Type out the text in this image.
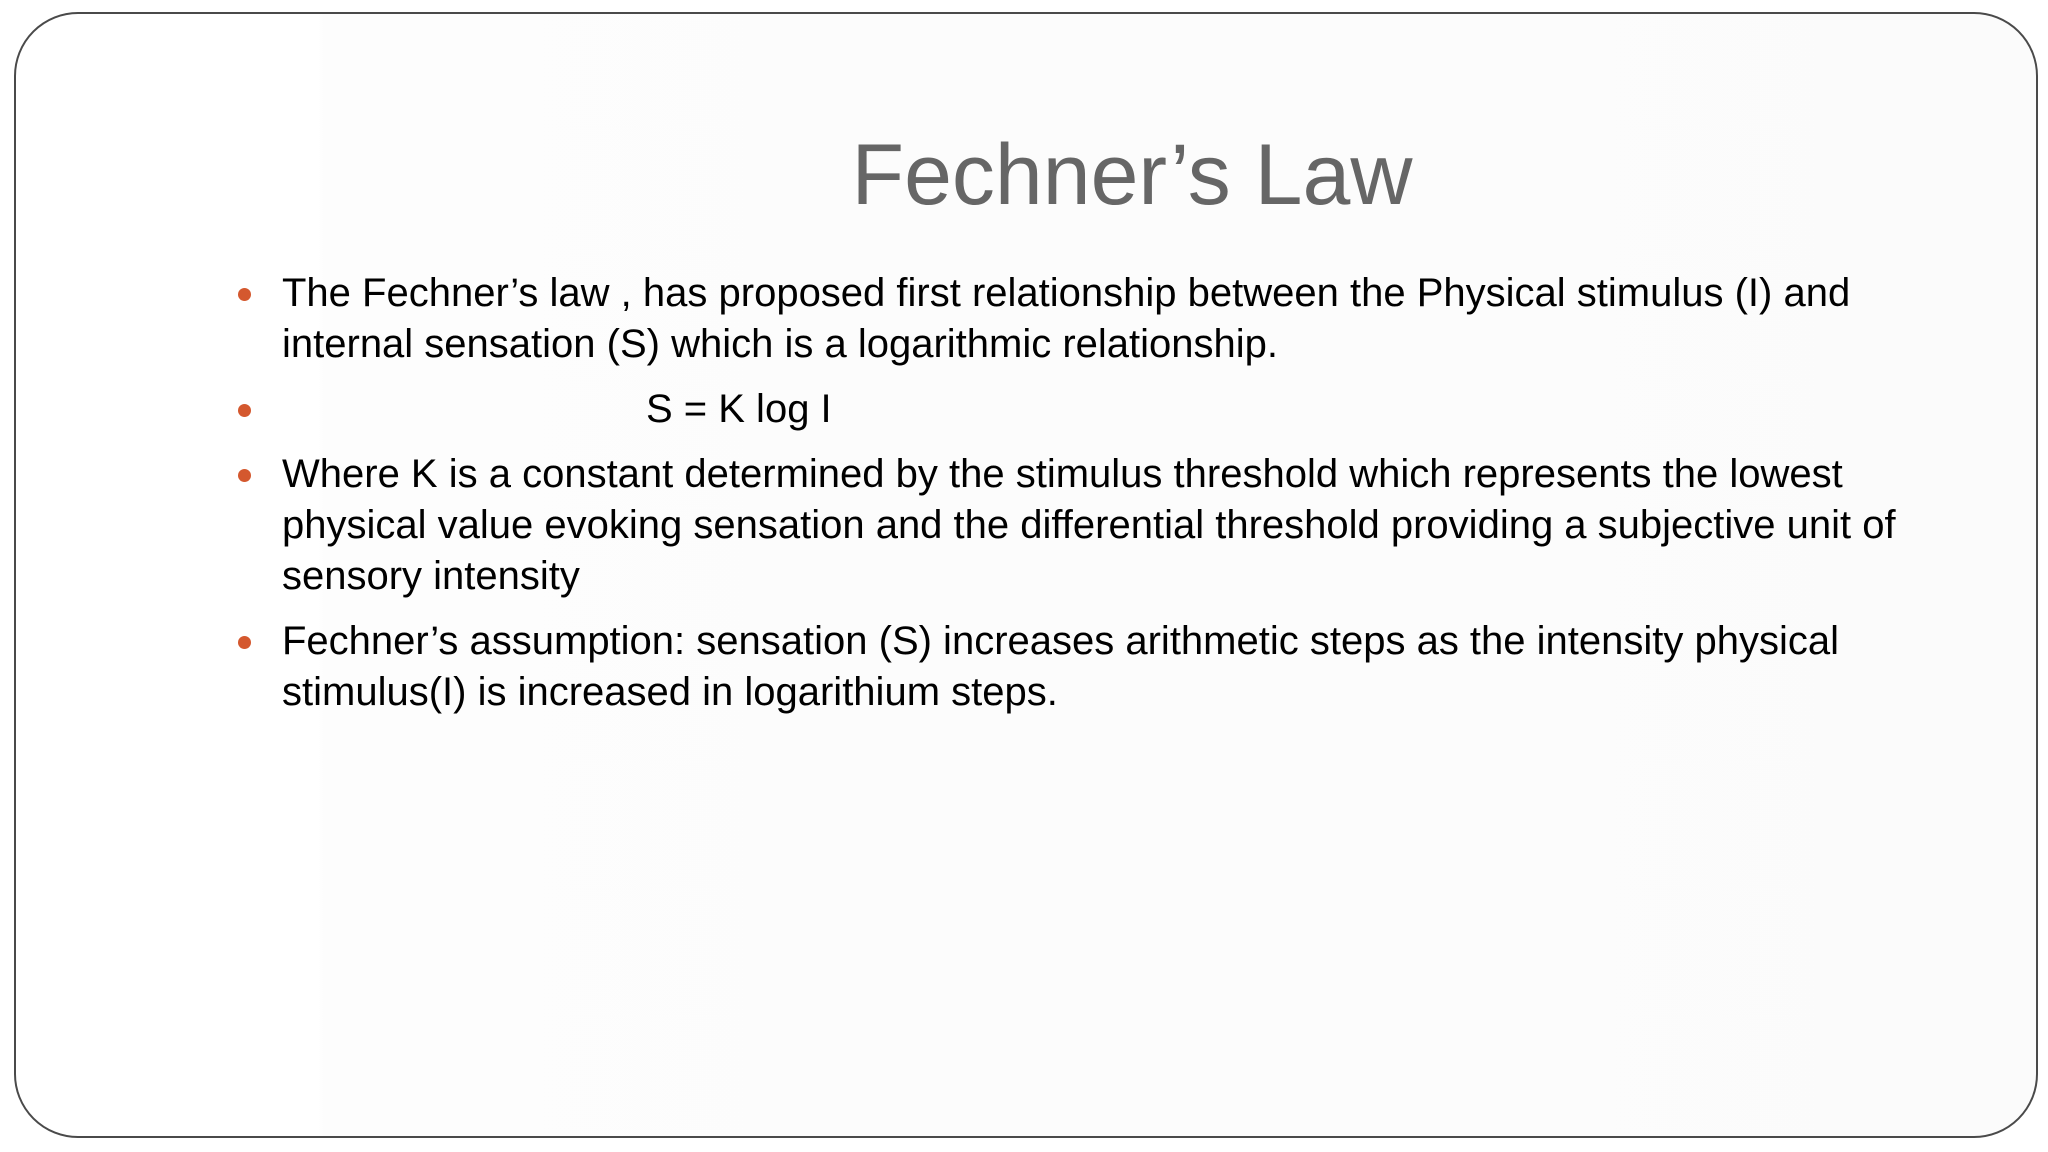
Fechner’s Law
The Fechner’s law , has proposed first relationship between the Physical stimulus (I) and internal sensation (S) which is a logarithmic relationship.
S = K log I
Where K is a constant determined by the stimulus threshold which represents the lowest physical value evoking sensation and the differential threshold providing a subjective unit of sensory intensity
Fechner’s assumption: sensation (S) increases arithmetic steps as the intensity physical stimulus(I) is increased in logarithium steps.
